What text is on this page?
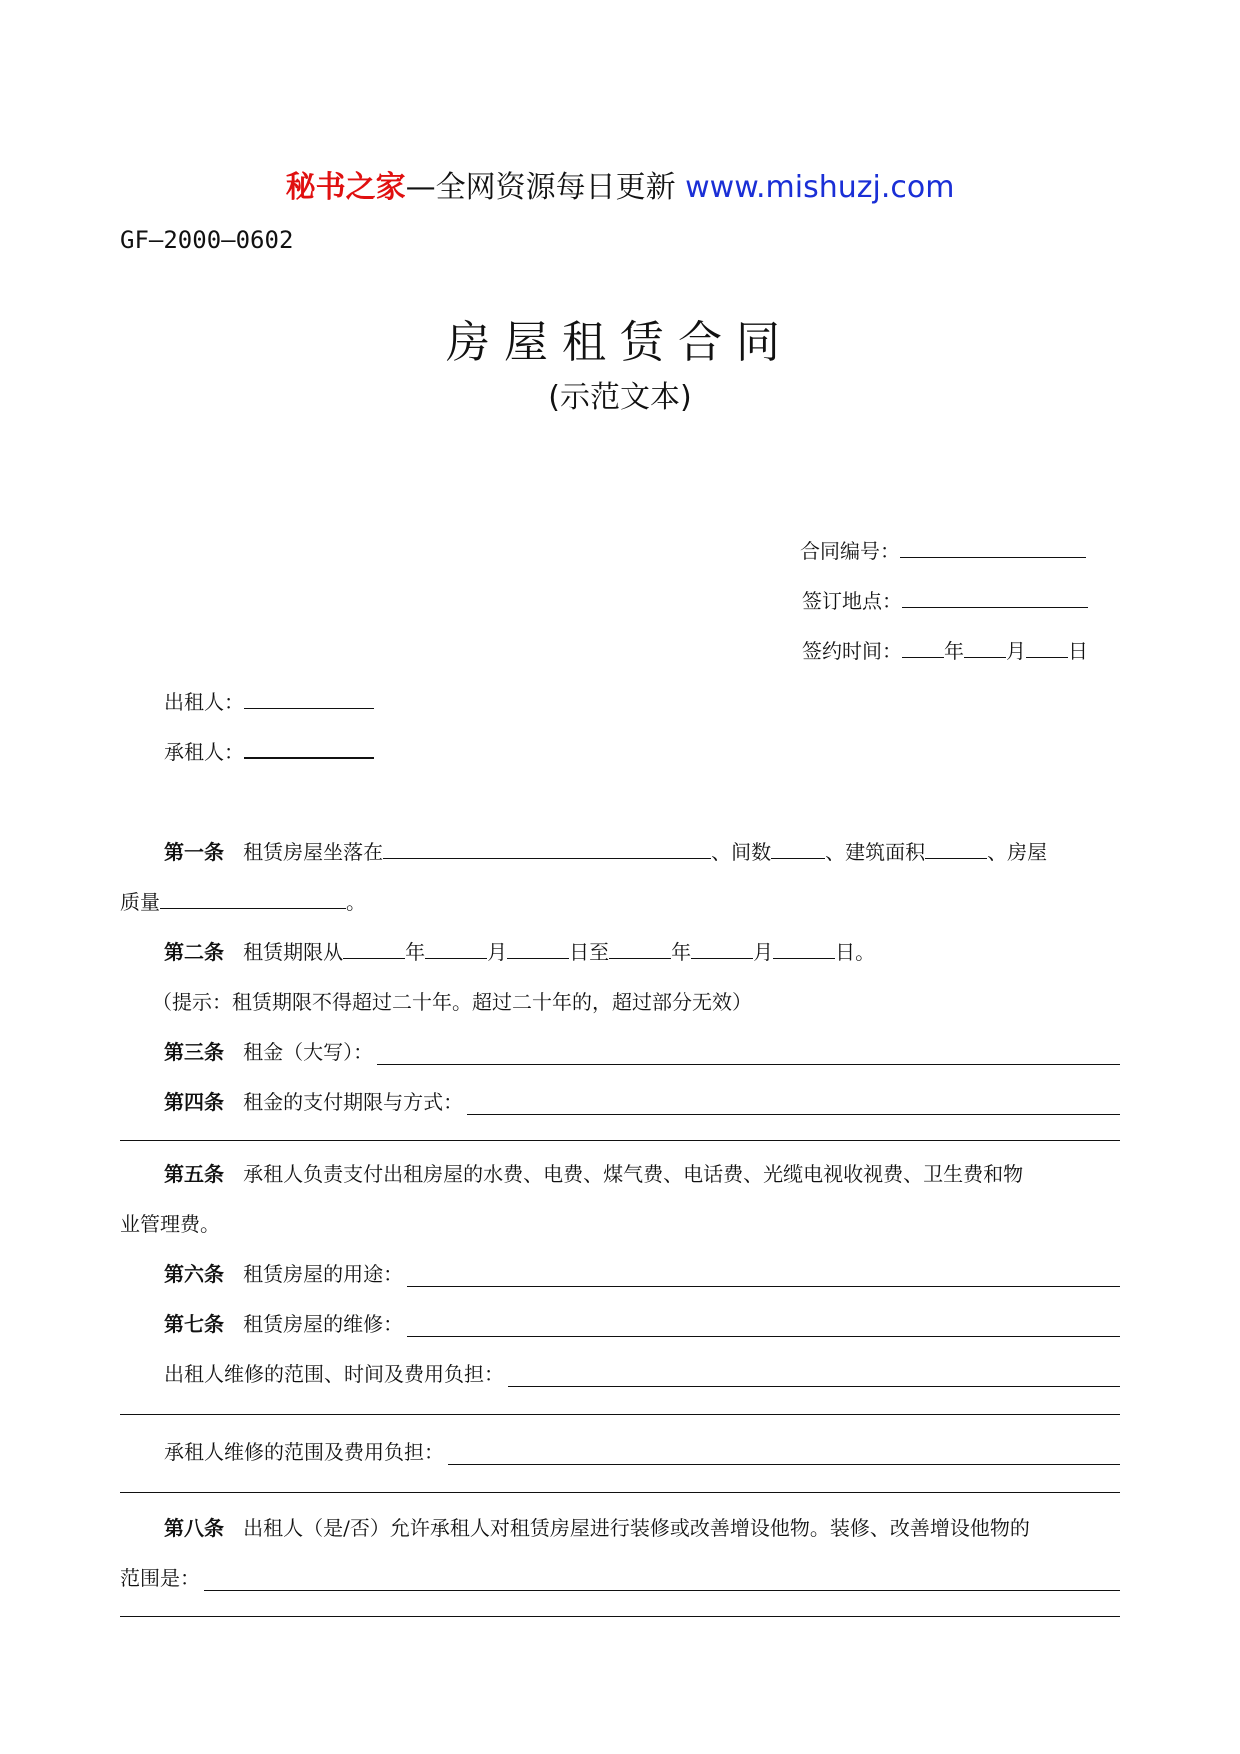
秘书之家—全网资源每日更新 www.mishuzj.com
GF—2000—0602
房屋租赁合同
(示范文本)
合同编号：
签订地点：
签约时间： 年 月 日
出租人：
承租人：
第一条 租赁房屋坐落在	、间数	、建筑面积	、房屋
质量	。
第二条 租赁期限从	年	月	日至	年	月	日。
（提示：租赁期限不得超过二十年。超过二十年的，超过部分无效）
第三条
租金（大写）：
第四条
租金的支付期限与方式：
第五条 承租人负责支付出租房屋的水费、电费、煤气费、电话费、光缆电视收视费、卫生费和物
业管理费。
第六条
租赁房屋的用途：
第七条
租赁房屋的维修：
出租人维修的范围、时间及费用负担：
承租人维修的范围及费用负担：
第八条 出租人（是/否）允许承租人对租赁房屋进行装修或改善增设他物。装修、改善增设他物的
范围是：
